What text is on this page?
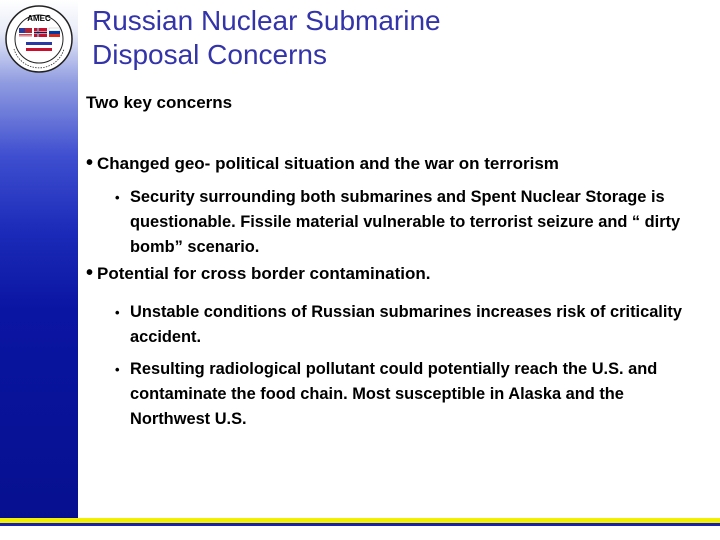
AMEC Russian Nuclear Submarine
Disposal Concerns
Two key concerns
• Changed geo- political situation and the war on terrorism
• Security surrounding both submarines and Spent Nuclear Storage is questionable. Fissile material vulnerable to terrorist seizure and “ dirty bomb” scenario.
• Potential for cross border contamination.
• Unstable conditions of Russian submarines increases risk of criticality accident.
• Resulting radiological pollutant could potentially reach the U.S. and contaminate the food chain. Most susceptible in Alaska and the Northwest U.S.
